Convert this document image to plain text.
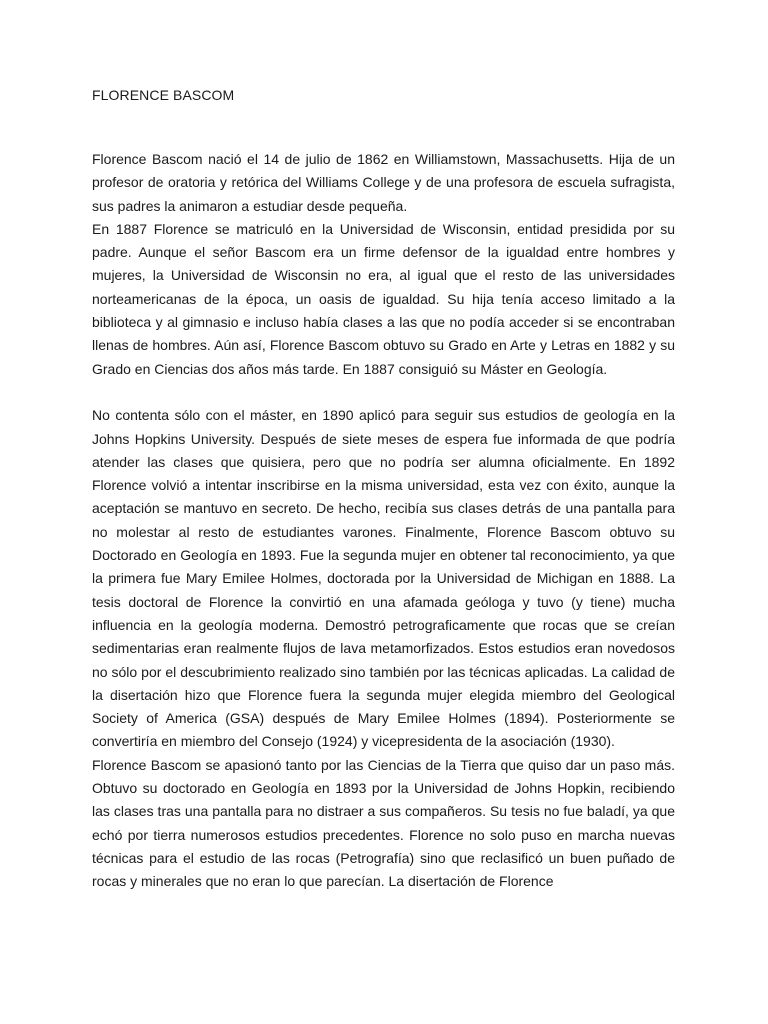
FLORENCE BASCOM

Florence Bascom nació el 14 de julio de 1862 en Williamstown, Massachusetts. Hija de un profesor de oratoria y retórica del Williams College y de una profesora de escuela sufragista, sus padres la animaron a estudiar desde pequeña.

En 1887 Florence se matriculó en la Universidad de Wisconsin, entidad presidida por su padre. Aunque el señor Bascom era un firme defensor de la igualdad entre hombres y mujeres, la Universidad de Wisconsin no era, al igual que el resto de las universidades norteamericanas de la época, un oasis de igualdad. Su hija tenía acceso limitado a la biblioteca y al gimnasio e incluso había clases a las que no podía acceder si se encontraban llenas de hombres. Aún así, Florence Bascom obtuvo su Grado en Arte y Letras en 1882 y su Grado en Ciencias dos años más tarde. En 1887 consiguió su Máster en Geología.

No contenta sólo con el máster, en 1890 aplicó para seguir sus estudios de geología en la Johns Hopkins University. Después de siete meses de espera fue informada de que podría atender las clases que quisiera, pero que no podría ser alumna oficialmente. En 1892 Florence volvió a intentar inscribirse en la misma universidad, esta vez con éxito, aunque la aceptación se mantuvo en secreto. De hecho, recibía sus clases detrás de una pantalla para no molestar al resto de estudiantes varones. Finalmente, Florence Bascom obtuvo su Doctorado en Geología en 1893. Fue la segunda mujer en obtener tal reconocimiento, ya que la primera fue Mary Emilee Holmes, doctorada por la Universidad de Michigan en 1888. La tesis doctoral de Florence la convirtió en una afamada geóloga y tuvo (y tiene) mucha influencia en la geología moderna. Demostró petrograficamente que rocas que se creían sedimentarias eran realmente flujos de lava metamorfizados. Estos estudios eran novedosos no sólo por el descubrimiento realizado sino también por las técnicas aplicadas. La calidad de la disertación hizo que Florence fuera la segunda mujer elegida miembro del Geological Society of America (GSA) después de Mary Emilee Holmes (1894). Posteriormente se convertiría en miembro del Consejo (1924) y vicepresidenta de la asociación (1930).

Florence Bascom se apasionó tanto por las Ciencias de la Tierra que quiso dar un paso más. Obtuvo su doctorado en Geología en 1893 por la Universidad de Johns Hopkin, recibiendo las clases tras una pantalla para no distraer a sus compañeros. Su tesis no fue baladí, ya que echó por tierra numerosos estudios precedentes. Florence no solo puso en marcha nuevas técnicas para el estudio de las rocas (Petrografía) sino que reclasificó un buen puñado de rocas y minerales que no eran lo que parecían. La disertación de Florence
